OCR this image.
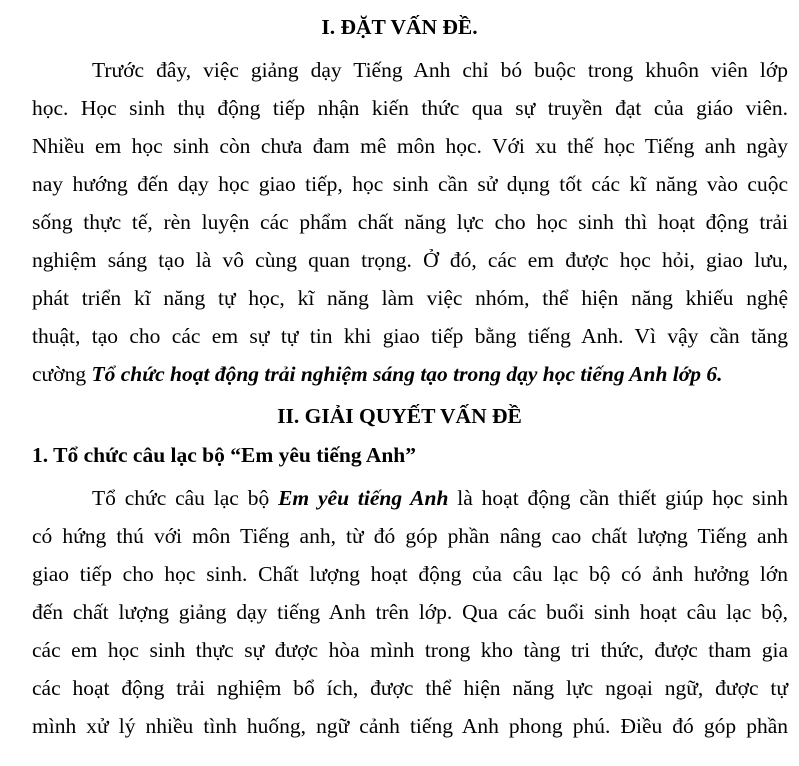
I. ĐẶT VẤN ĐỀ.
Trước đây, việc giảng dạy Tiếng Anh chỉ bó buộc trong khuôn viên lớp
học. Học sinh thụ động tiếp nhận kiến thức qua sự truyền đạt của giáo viên.
Nhiều em học sinh còn chưa đam mê môn học. Với xu thế học Tiếng anh ngày
nay hướng đến dạy học giao tiếp, học sinh cần sử dụng tốt các kĩ năng vào cuộc
sống thực tế, rèn luyện các phẩm chất năng lực cho học sinh thì hoạt động trải
nghiệm sáng tạo là vô cùng quan trọng. Ở đó, các em được học hỏi, giao lưu,
phát triển kĩ năng tự học, kĩ năng làm việc nhóm, thể hiện năng khiếu nghệ
thuật, tạo cho các em sự tự tin khi giao tiếp bằng tiếng Anh. Vì vậy cần tăng
cường Tổ chức hoạt động trải nghiệm sáng tạo trong dạy học tiếng Anh lớp 6.
II. GIẢI QUYẾT VẤN ĐỀ
1. Tổ chức câu lạc bộ “Em yêu tiếng Anh”
Tổ chức câu lạc bộ Em yêu tiếng Anh là hoạt động cần thiết giúp học sinh
có hứng thú với môn Tiếng anh, từ đó góp phần nâng cao chất lượng Tiếng anh
giao tiếp cho học sinh. Chất lượng hoạt động của câu lạc bộ có ảnh hưởng lớn
đến chất lượng giảng dạy tiếng Anh trên lớp. Qua các buổi sinh hoạt câu lạc bộ,
các em học sinh thực sự được hòa mình trong kho tàng tri thức, được tham gia
các hoạt động trải nghiệm bổ ích, được thể hiện năng lực ngoại ngữ, được tự
mình xử lý nhiều tình huống, ngữ cảnh tiếng Anh phong phú. Điều đó góp phần
